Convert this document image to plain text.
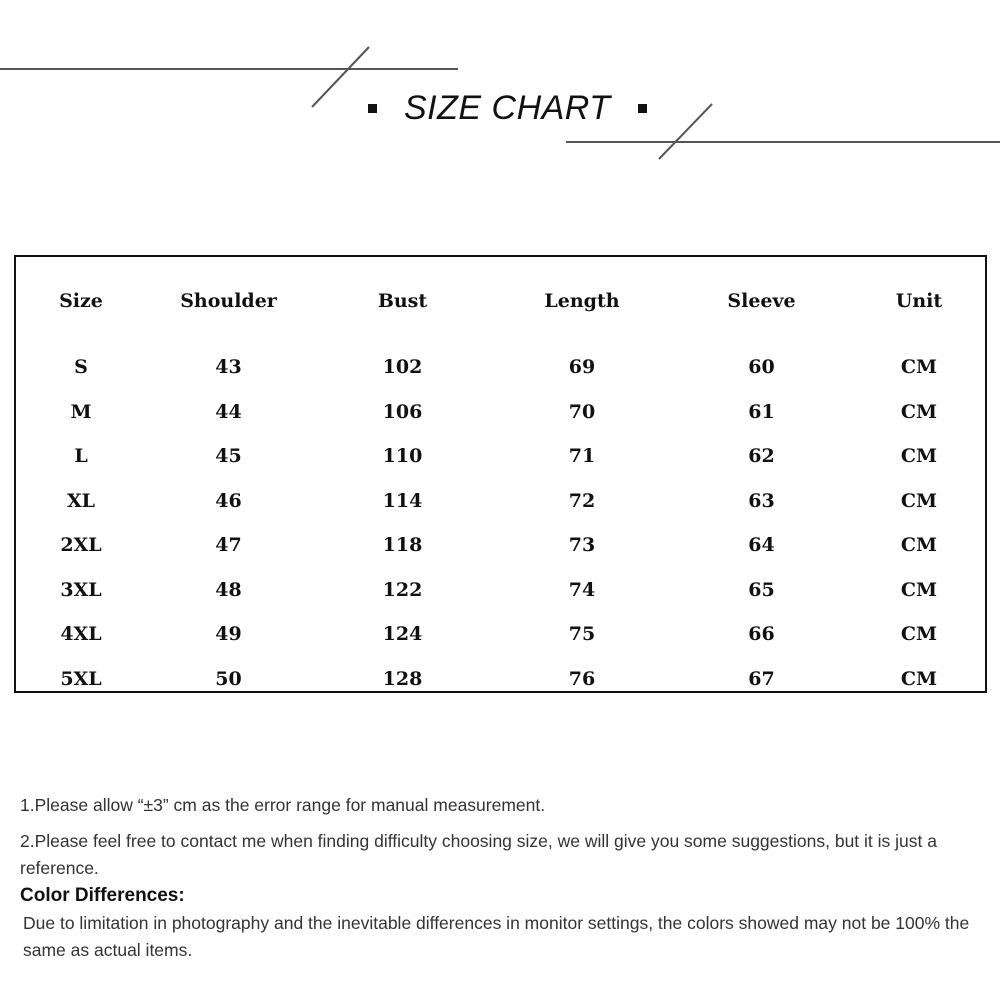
SIZE CHART
Size	Shoulder	Bust	Length	Sleeve	Unit
S	43	102	69	60	CM
M	44	106	70	61	CM
L	45	110	71	62	CM
XL	46	114	72	63	CM
2XL	47	118	73	64	CM
3XL	48	122	74	65	CM
4XL	49	124	75	66	CM
5XL	50	128	76	67	CM

1.Please allow “±3” cm as the error range for manual measurement.

2.Please feel free to contact me when finding difficulty choosing size, we will give you some suggestions, but it is just a reference.

Color Differences:

Due to limitation in photography and the inevitable differences in monitor settings, the colors showed may not be 100% the same as actual items.
